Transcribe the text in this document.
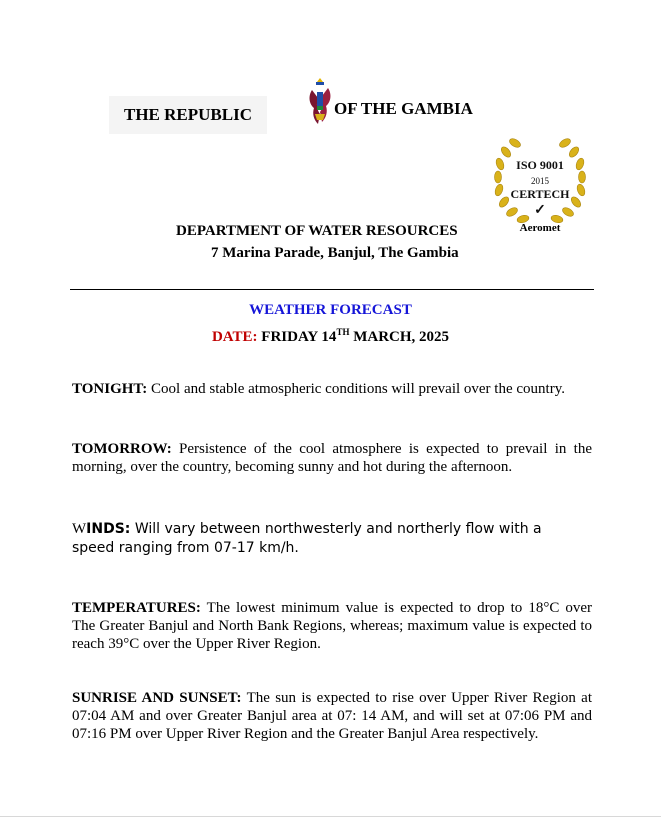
THE REPUBLIC	OF THE GAMBIA
ISO 9001
2015
CERTECH
✓
Aeromet
DEPARTMENT OF WATER RESOURCES
7 Marina Parade, Banjul, The Gambia
WEATHER FORECAST
DATE: FRIDAY 14TH MARCH, 2025
TONIGHT: Cool and stable atmospheric conditions will prevail over the country.
TOMORROW: Persistence of the cool atmosphere is expected to prevail in the morning, over the country, becoming sunny and hot during the afternoon.
WINDS: Will vary between northwesterly and northerly flow with a speed ranging from 07-17 km/h.
TEMPERATURES: The lowest minimum value is expected to drop to 18°C over The Greater Banjul and North Bank Regions, whereas; maximum value is expected to reach 39°C over the Upper River Region.
SUNRISE AND SUNSET: The sun is expected to rise over Upper River Region at 07:04 AM and over Greater Banjul area at 07: 14 AM, and will set at 07:06 PM and 07:16 PM over Upper River Region and the Greater Banjul Area respectively.
